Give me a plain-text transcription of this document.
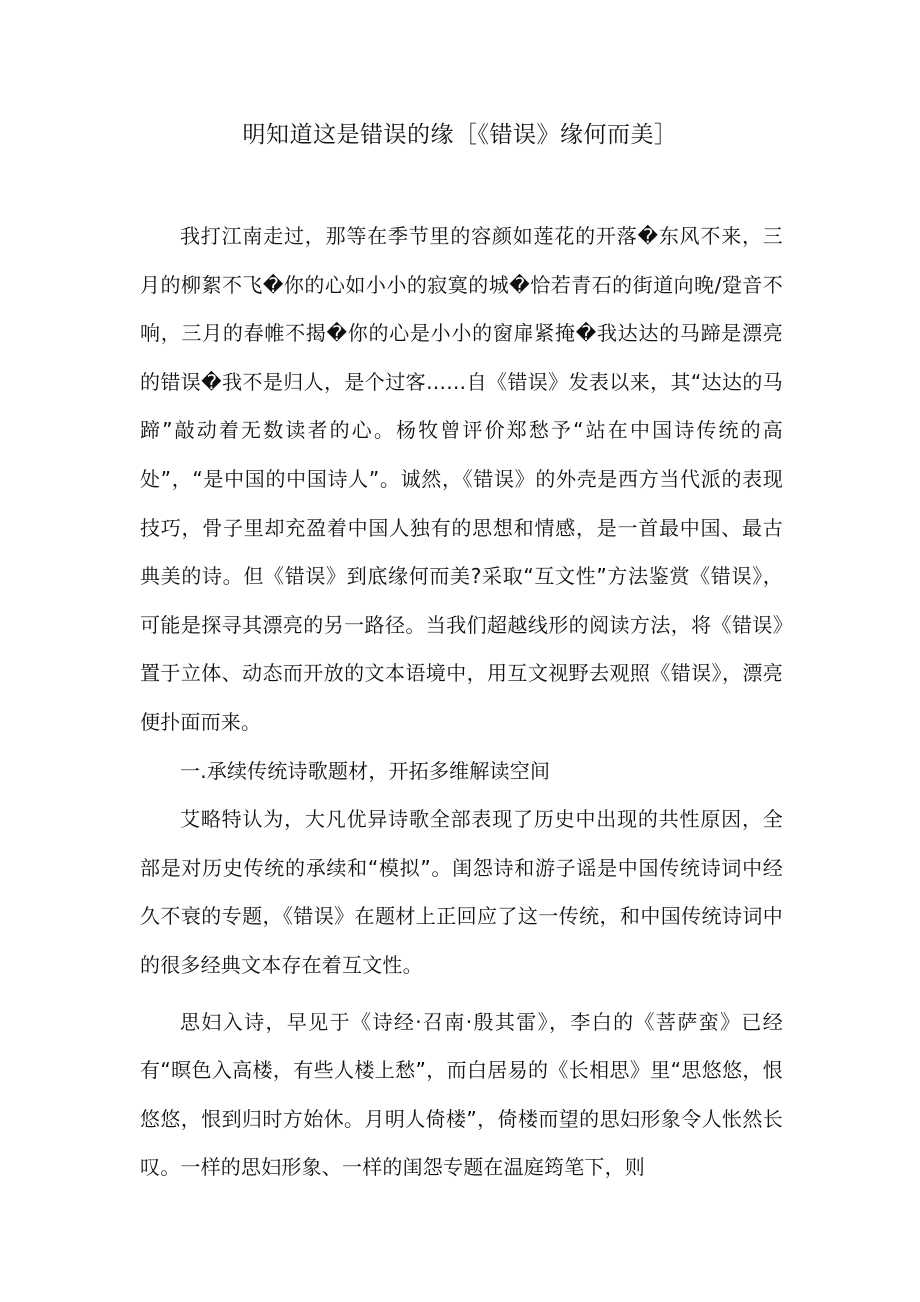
明知道这是错误的缘［《错误》缘何而美］

我打江南走过，那等在季节里的容颜如莲花的开落�东风不来，三月的柳絮不飞�你的心如小小的寂寞的城�恰若青石的街道向晚/跫音不响，三月的春帷不揭�你的心是小小的窗扉紧掩�我达达的马蹄是漂亮的错误�我不是归人，是个过客……自《错误》发表以来，其“达达的马蹄”敲动着无数读者的心。杨牧曾评价郑愁予“站在中国诗传统的高处”，“是中国的中国诗人”。诚然，《错误》的外壳是西方当代派的表现技巧，骨子里却充盈着中国人独有的思想和情感，是一首最中国、最古典美的诗。但《错误》到底缘何而美?采取“互文性”方法鉴赏《错误》，可能是探寻其漂亮的另一路径。当我们超越线形的阅读方法，将《错误》置于立体、动态而开放的文本语境中，用互文视野去观照《错误》，漂亮便扑面而来。

一.承续传统诗歌题材，开拓多维解读空间

艾略特认为，大凡优异诗歌全部表现了历史中出现的共性原因，全部是对历史传统的承续和“模拟”。闺怨诗和游子谣是中国传统诗词中经久不衰的专题，《错误》在题材上正回应了这一传统，和中国传统诗词中的很多经典文本存在着互文性。

思妇入诗，早见于《诗经·召南·殷其雷》，李白的《菩萨蛮》已经有“暝色入高楼，有些人楼上愁”，而白居易的《长相思》里“思悠悠，恨悠悠，恨到归时方始休。月明人倚楼”，倚楼而望的思妇形象令人怅然长叹。一样的思妇形象、一样的闺怨专题在温庭筠笔下，则
